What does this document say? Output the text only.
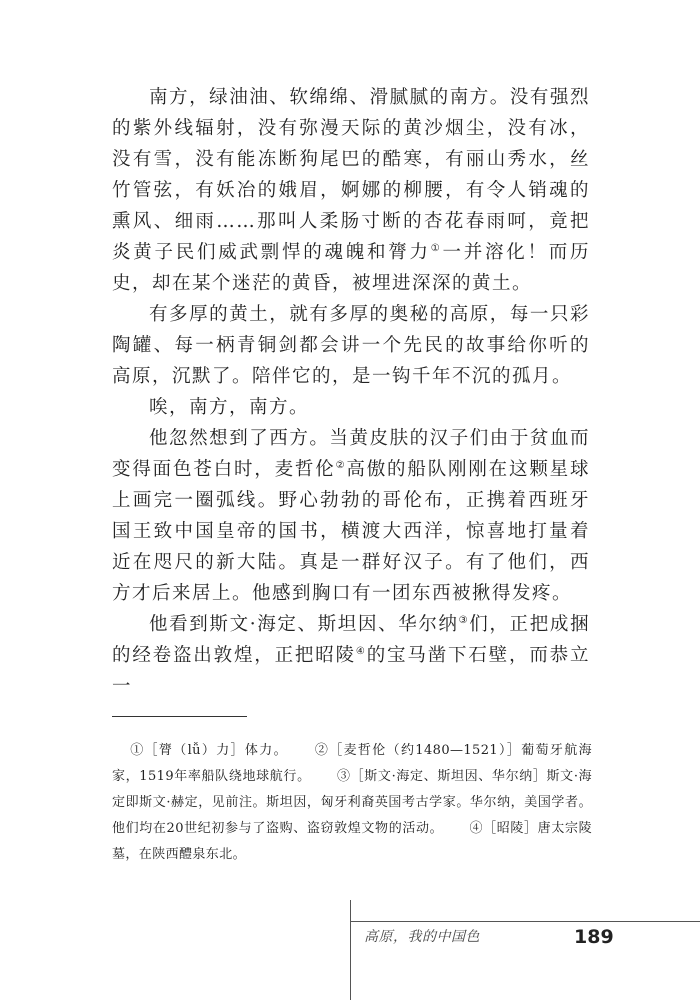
南方，绿油油、软绵绵、滑腻腻的南方。没有强烈的紫外线辐射，没有弥漫天际的黄沙烟尘，没有冰，没有雪，没有能冻断狗尾巴的酷寒，有丽山秀水，丝竹管弦，有妖冶的娥眉，婀娜的柳腰，有令人销魂的熏风、细雨……那叫人柔肠寸断的杏花春雨呵，竟把炎黄子民们威武剽悍的魂魄和膂力①一并溶化！而历史，却在某个迷茫的黄昏，被埋进深深的黄土。

有多厚的黄土，就有多厚的奥秘的高原，每一只彩陶罐、每一柄青铜剑都会讲一个先民的故事给你听的高原，沉默了。陪伴它的，是一钩千年不沉的孤月。

唉，南方，南方。

他忽然想到了西方。当黄皮肤的汉子们由于贫血而变得面色苍白时，麦哲伦②高傲的船队刚刚在这颗星球上画完一圈弧线。野心勃勃的哥伦布，正携着西班牙国王致中国皇帝的国书，横渡大西洋，惊喜地打量着近在咫尺的新大陆。真是一群好汉子。有了他们，西方才后来居上。他感到胸口有一团东西被揪得发疼。

他看到斯文·海定、斯坦因、华尔纳③们，正把成捆的经卷盗出敦煌，正把昭陵④的宝马凿下石壁，而恭立一

①［膂（lǚ）力］体力。 ②［麦哲伦（约1480—1521）］葡萄牙航海家，1519年率船队绕地球航行。 ③［斯文·海定、斯坦因、华尔纳］斯文·海定即斯文·赫定，见前注。斯坦因，匈牙利裔英国考古学家。华尔纳，美国学者。他们均在20世纪初参与了盗购、盗窃敦煌文物的活动。 ④［昭陵］唐太宗陵墓，在陕西醴泉东北。

高原，我的中国色	189
